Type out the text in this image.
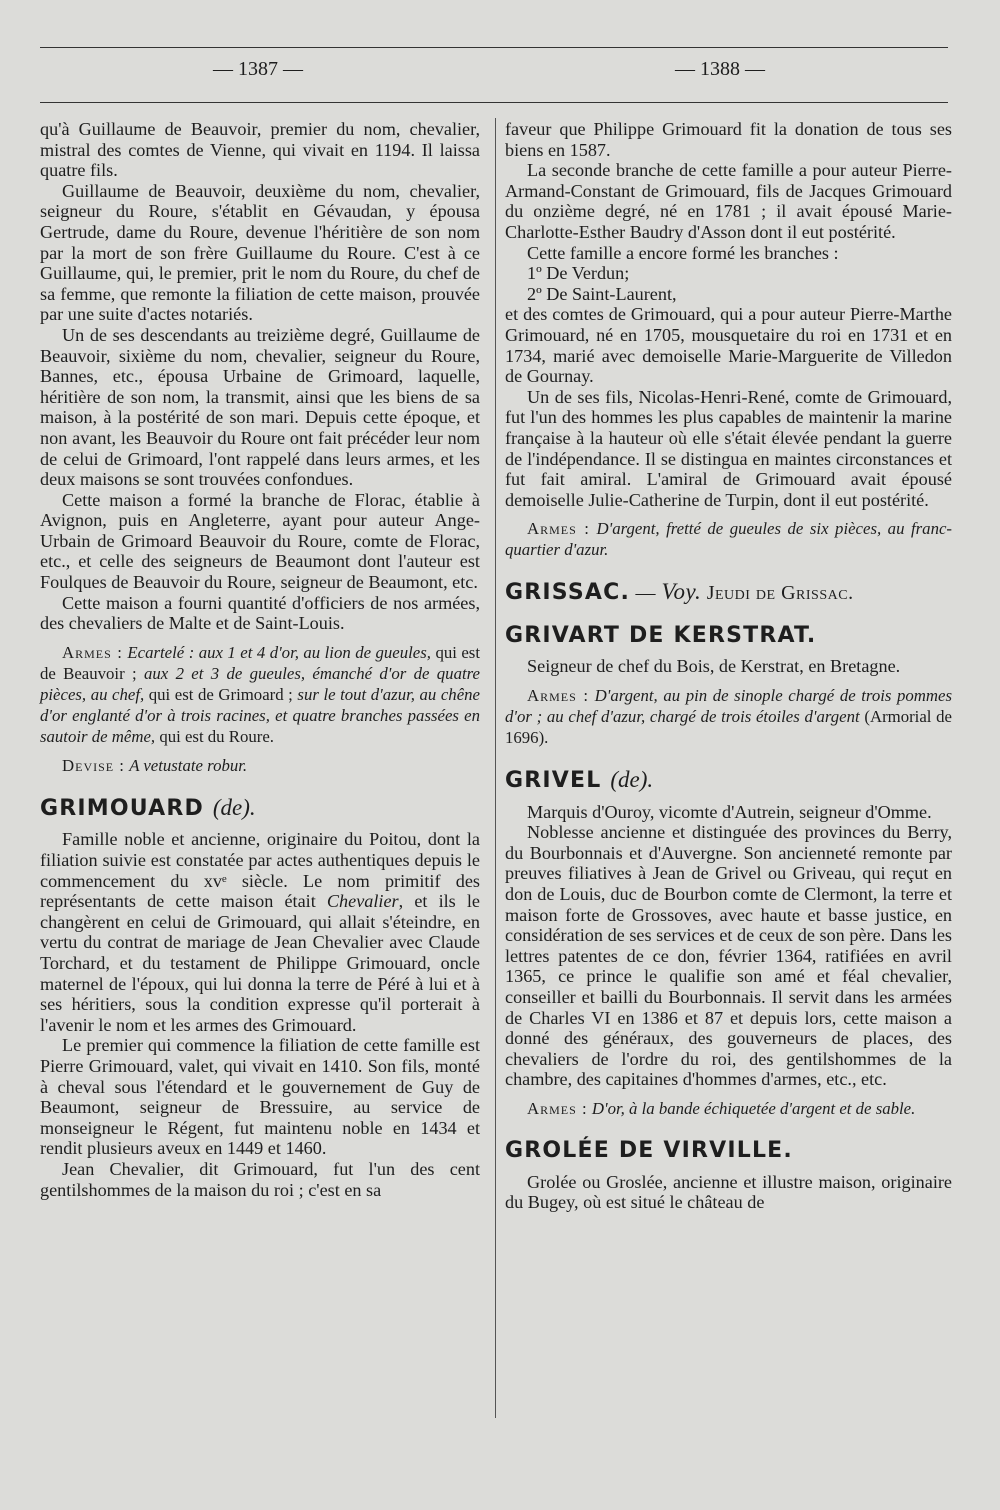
— 1387 —	— 1388 —

qu'à Guillaume de Beauvoir, premier du nom, chevalier, mistral des comtes de Vienne, qui vivait en 1194. Il laissa quatre fils.

Guillaume de Beauvoir, deuxième du nom, chevalier, seigneur du Roure, s'établit en Gévaudan, y épousa Gertrude, dame du Roure, devenue l'héritière de son nom par la mort de son frère Guillaume du Roure. C'est à ce Guillaume, qui, le premier, prit le nom du Roure, du chef de sa femme, que remonte la filiation de cette maison, prouvée par une suite d'actes notariés.

Un de ses descendants au treizième degré, Guillaume de Beauvoir, sixième du nom, chevalier, seigneur du Roure, Bannes, etc., épousa Urbaine de Grimoard, laquelle, héritière de son nom, la transmit, ainsi que les biens de sa maison, à la postérité de son mari. Depuis cette époque, et non avant, les Beauvoir du Roure ont fait précéder leur nom de celui de Grimoard, l'ont rappelé dans leurs armes, et les deux maisons se sont trouvées confondues.

Cette maison a formé la branche de Florac, établie à Avignon, puis en Angleterre, ayant pour auteur Ange-Urbain de Grimoard Beauvoir du Roure, comte de Florac, etc., et celle des seigneurs de Beaumont dont l'auteur est Foulques de Beauvoir du Roure, seigneur de Beaumont, etc.

Cette maison a fourni quantité d'officiers de nos armées, des chevaliers de Malte et de Saint-Louis.

Armes : Ecartelé : aux 1 et 4 d'or, au lion de gueules, qui est de Beauvoir ; aux 2 et 3 de gueules, émanché d'or de quatre pièces, au chef, qui est de Grimoard ; sur le tout d'azur, au chêne d'or englanté d'or à trois racines, et quatre branches passées en sautoir de même, qui est du Roure.

Devise : A vetustate robur.

GRIMOUARD (de).

Famille noble et ancienne, originaire du Poitou, dont la filiation suivie est constatée par actes authentiques depuis le commencement du xvᵉ siècle. Le nom primitif des représentants de cette maison était Chevalier, et ils le changèrent en celui de Grimouard, qui allait s'éteindre, en vertu du contrat de mariage de Jean Chevalier avec Claude Torchard, et du testament de Philippe Grimouard, oncle maternel de l'époux, qui lui donna la terre de Péré à lui et à ses héritiers, sous la condition expresse qu'il porterait à l'avenir le nom et les armes des Grimouard.

Le premier qui commence la filiation de cette famille est Pierre Grimouard, valet, qui vivait en 1410. Son fils, monté à cheval sous l'étendard et le gouvernement de Guy de Beaumont, seigneur de Bressuire, au service de monseigneur le Régent, fut maintenu noble en 1434 et rendit plusieurs aveux en 1449 et 1460.

Jean Chevalier, dit Grimouard, fut l'un des cent gentilshommes de la maison du roi ; c'est en sa

faveur que Philippe Grimouard fit la donation de tous ses biens en 1587.

La seconde branche de cette famille a pour auteur Pierre-Armand-Constant de Grimouard, fils de Jacques Grimouard du onzième degré, né en 1781 ; il avait épousé Marie-Charlotte-Esther Baudry d'Asson dont il eut postérité.

Cette famille a encore formé les branches :

1º De Verdun;

2º De Saint-Laurent,

et des comtes de Grimouard, qui a pour auteur Pierre-Marthe Grimouard, né en 1705, mousquetaire du roi en 1731 et en 1734, marié avec demoiselle Marie-Marguerite de Villedon de Gournay.

Un de ses fils, Nicolas-Henri-René, comte de Grimouard, fut l'un des hommes les plus capables de maintenir la marine française à la hauteur où elle s'était élevée pendant la guerre de l'indépendance. Il se distingua en maintes circonstances et fut fait amiral. L'amiral de Grimouard avait épousé demoiselle Julie-Catherine de Turpin, dont il eut postérité.

Armes : D'argent, fretté de gueules de six pièces, au franc-quartier d'azur.

GRISSAC. — Voy. Jeudi de Grissac.

GRIVART DE KERSTRAT.

Seigneur de chef du Bois, de Kerstrat, en Bretagne.

Armes : D'argent, au pin de sinople chargé de trois pommes d'or ; au chef d'azur, chargé de trois étoiles d'argent (Armorial de 1696).

GRIVEL (de).

Marquis d'Ouroy, vicomte d'Autrein, seigneur d'Omme.

Noblesse ancienne et distinguée des provinces du Berry, du Bourbonnais et d'Auvergne. Son ancienneté remonte par preuves filiatives à Jean de Grivel ou Griveau, qui reçut en don de Louis, duc de Bourbon comte de Clermont, la terre et maison forte de Grossoves, avec haute et basse justice, en considération de ses services et de ceux de son père. Dans les lettres patentes de ce don, février 1364, ratifiées en avril 1365, ce prince le qualifie son amé et féal chevalier, conseiller et bailli du Bourbonnais. Il servit dans les armées de Charles VI en 1386 et 87 et depuis lors, cette maison a donné des généraux, des gouverneurs de places, des chevaliers de l'ordre du roi, des gentilshommes de la chambre, des capitaines d'hommes d'armes, etc., etc.

Armes : D'or, à la bande échiquetée d'argent et de sable.

GROLÉE DE VIRVILLE.

Grolée ou Groslée, ancienne et illustre maison, originaire du Bugey, où est situé le château de
